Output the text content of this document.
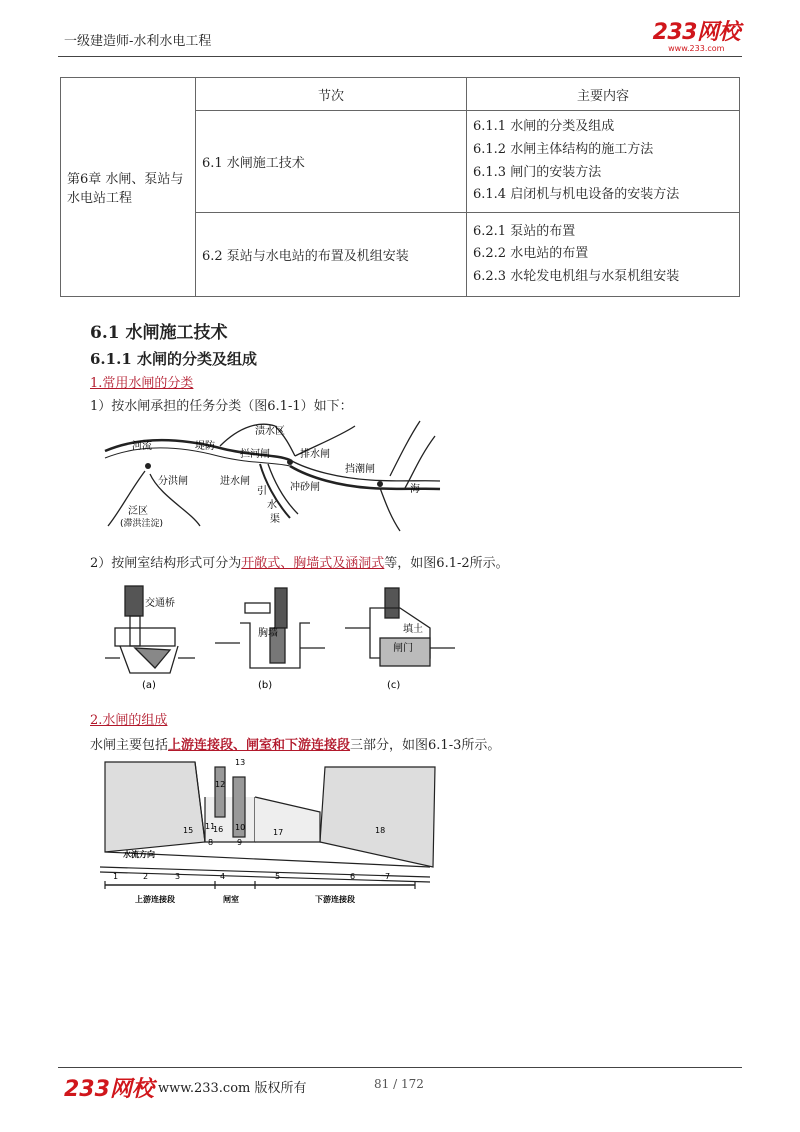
一级建造师-水利水电工程	233网校
www.233.com
第6章 水闸、泵站与水电站工程	节次	主要内容
	6.1 水闸施工技术	6.1.1 水闸的分类及组成
6.1.2 水闸主体结构的施工方法
6.1.3 闸门的安装方法
6.1.4 启闭机与机电设备的安装方法

	6.2 泵站与水电站的布置及机组安装	6.2.1 泵站的布置
6.2.2 水电站的布置
6.2.3 水轮发电机组与水泵机组安装
6.1 水闸施工技术
6.1.1 水闸的分类及组成
1.常用水闸的分类
1）按水闸承担的任务分类（图6.1-1）如下：
河流	堤防
渍水区
拦河闸	排水闸
挡潮闸
海
分洪闸	进水闸
引
水
渠
冲砂闸
泛区
(滞洪洼淀)
2）按闸室结构形式可分为开敞式、胸墙式及涵洞式等，如图6.1-2所示。
交通桥
胸墙	填土
闸门
(a)	(b)	(c)
2.水闸的组成
水闸主要包括上游连接段、闸室和下游连接段三部分，如图6.1-3所示。
水流方向
上游连接段	闸室	下游连接段
1	2	3	4	5	6	7
8	9
10
11
12
13
15 16	17	18
233网校 www.233.com 版权所有	81 / 172
